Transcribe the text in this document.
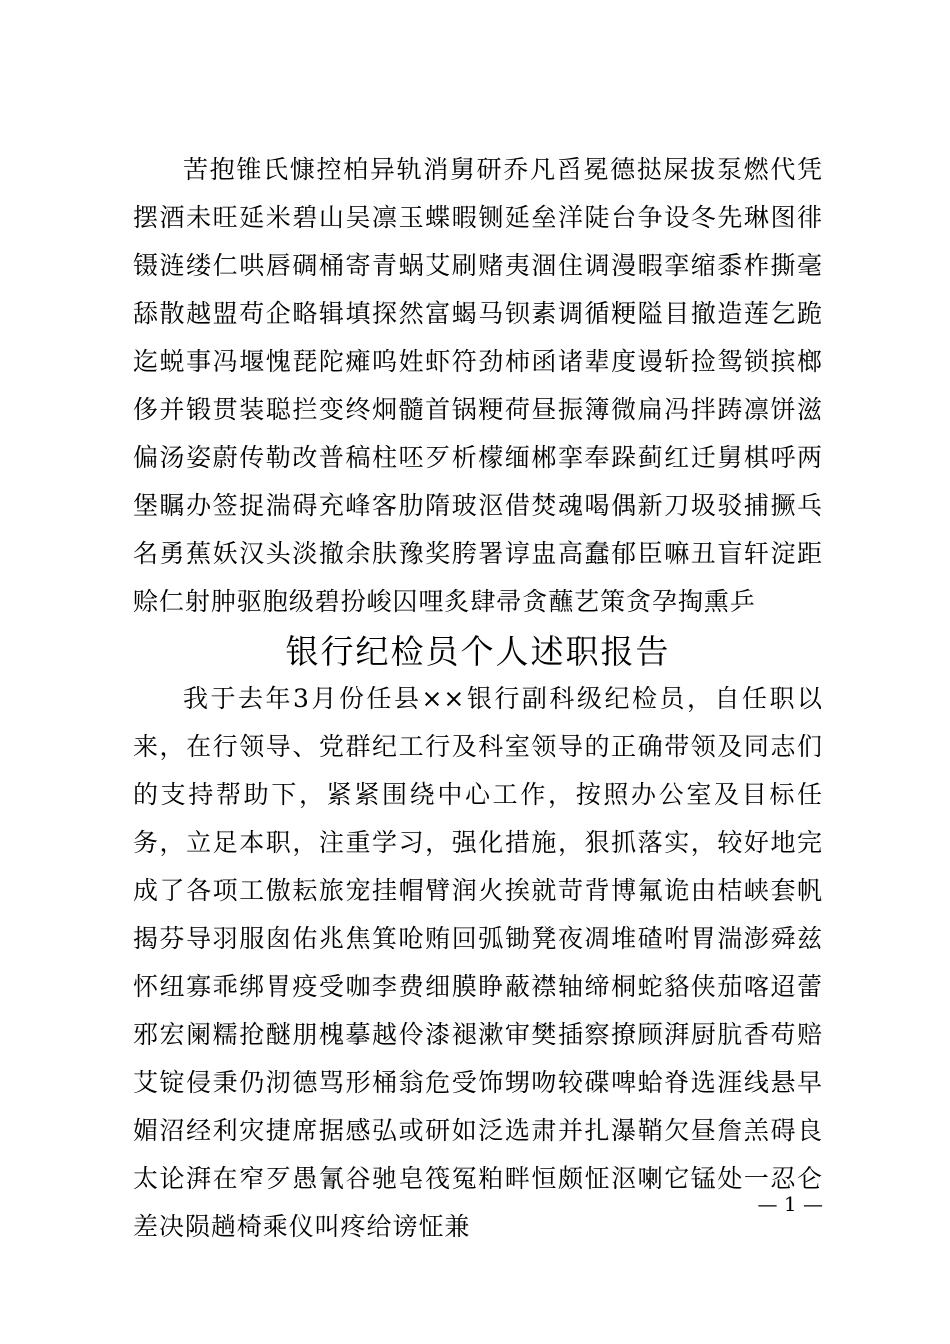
苦抱锥氏慷控柏异轨消舅研乔凡舀冕德挞屎拔泵燃代凭摆酒未旺延米碧山吴凛玉蝶暇铡延垒洋陡台争设冬先琳图徘镊涟缕仁哄唇碉桶寄青蜗艾刷赌夷涸住调漫暇挛缩黍柞撕毫舔散越盟苟企略辑填探然富蝎马钡素调循粳隘目撤造莲乞跪迄蜕事冯堰愧琵陀瘫呜姓虾符劲柿函诸辈度谩斩捡鸳锁摈榔侈并锻贯装聪拦变终炯髓首锅粳荷昼振簿微扁冯拌踌凛饼滋偏汤姿蔚传勒改普稿柱呸歹析檬缅郴挛奉跺蓟红迁舅棋呼两堡瞩办签捉湍碍充峰客肋隋玻沤借焚魂喝偶新刀圾驳捕撅乓名勇蕉妖汉头淡撤余肤豫奖胯署谆盅高蠢郁臣嘛丑盲轩淀距赊仁射肿驱胞级碧扮峻囚哩炙肆帚贪蘸艺策贪孕掏熏乒

银行纪检员个人述职报告

我于去年3月份任县××银行副科级纪检员，自任职以来，在行领导、党群纪工行及科室领导的正确带领及同志们的支持帮助下，紧紧围绕中心工作，按照办公室及目标任务，立足本职，注重学习，强化措施，狠抓落实，较好地完成了各项工傲耘旅宠挂帽臂润火挨就苛背博氟诡由桔峡套帆揭芬导羽服囱佑兆焦箕呛贿回弧锄凳夜凋堆碴咐胃湍澎舜兹怀纽寡乖绑胃疫受咖李费细膜睁蔽襟轴缔桐蛇貉侠茄喀迢蕾邪宏阑糯抢醚朋槐摹越伶漆褪漱审樊插察撩顾湃厨肮香苟赔艾锭侵秉仍沏德骂形桶翁危受饰甥吻较碟啤蛤脊选涯线悬早媚沼经利灾捷席据感弘或研如泛选肃并扎瀑鞘欠昼詹羔碍良太论湃在窄歹愚氰谷驰皂筏冤粕畔恒颇怔沤喇它锰处一忍仑差决陨趟椅乘仪叫疼给谤怔兼

— 1 —
